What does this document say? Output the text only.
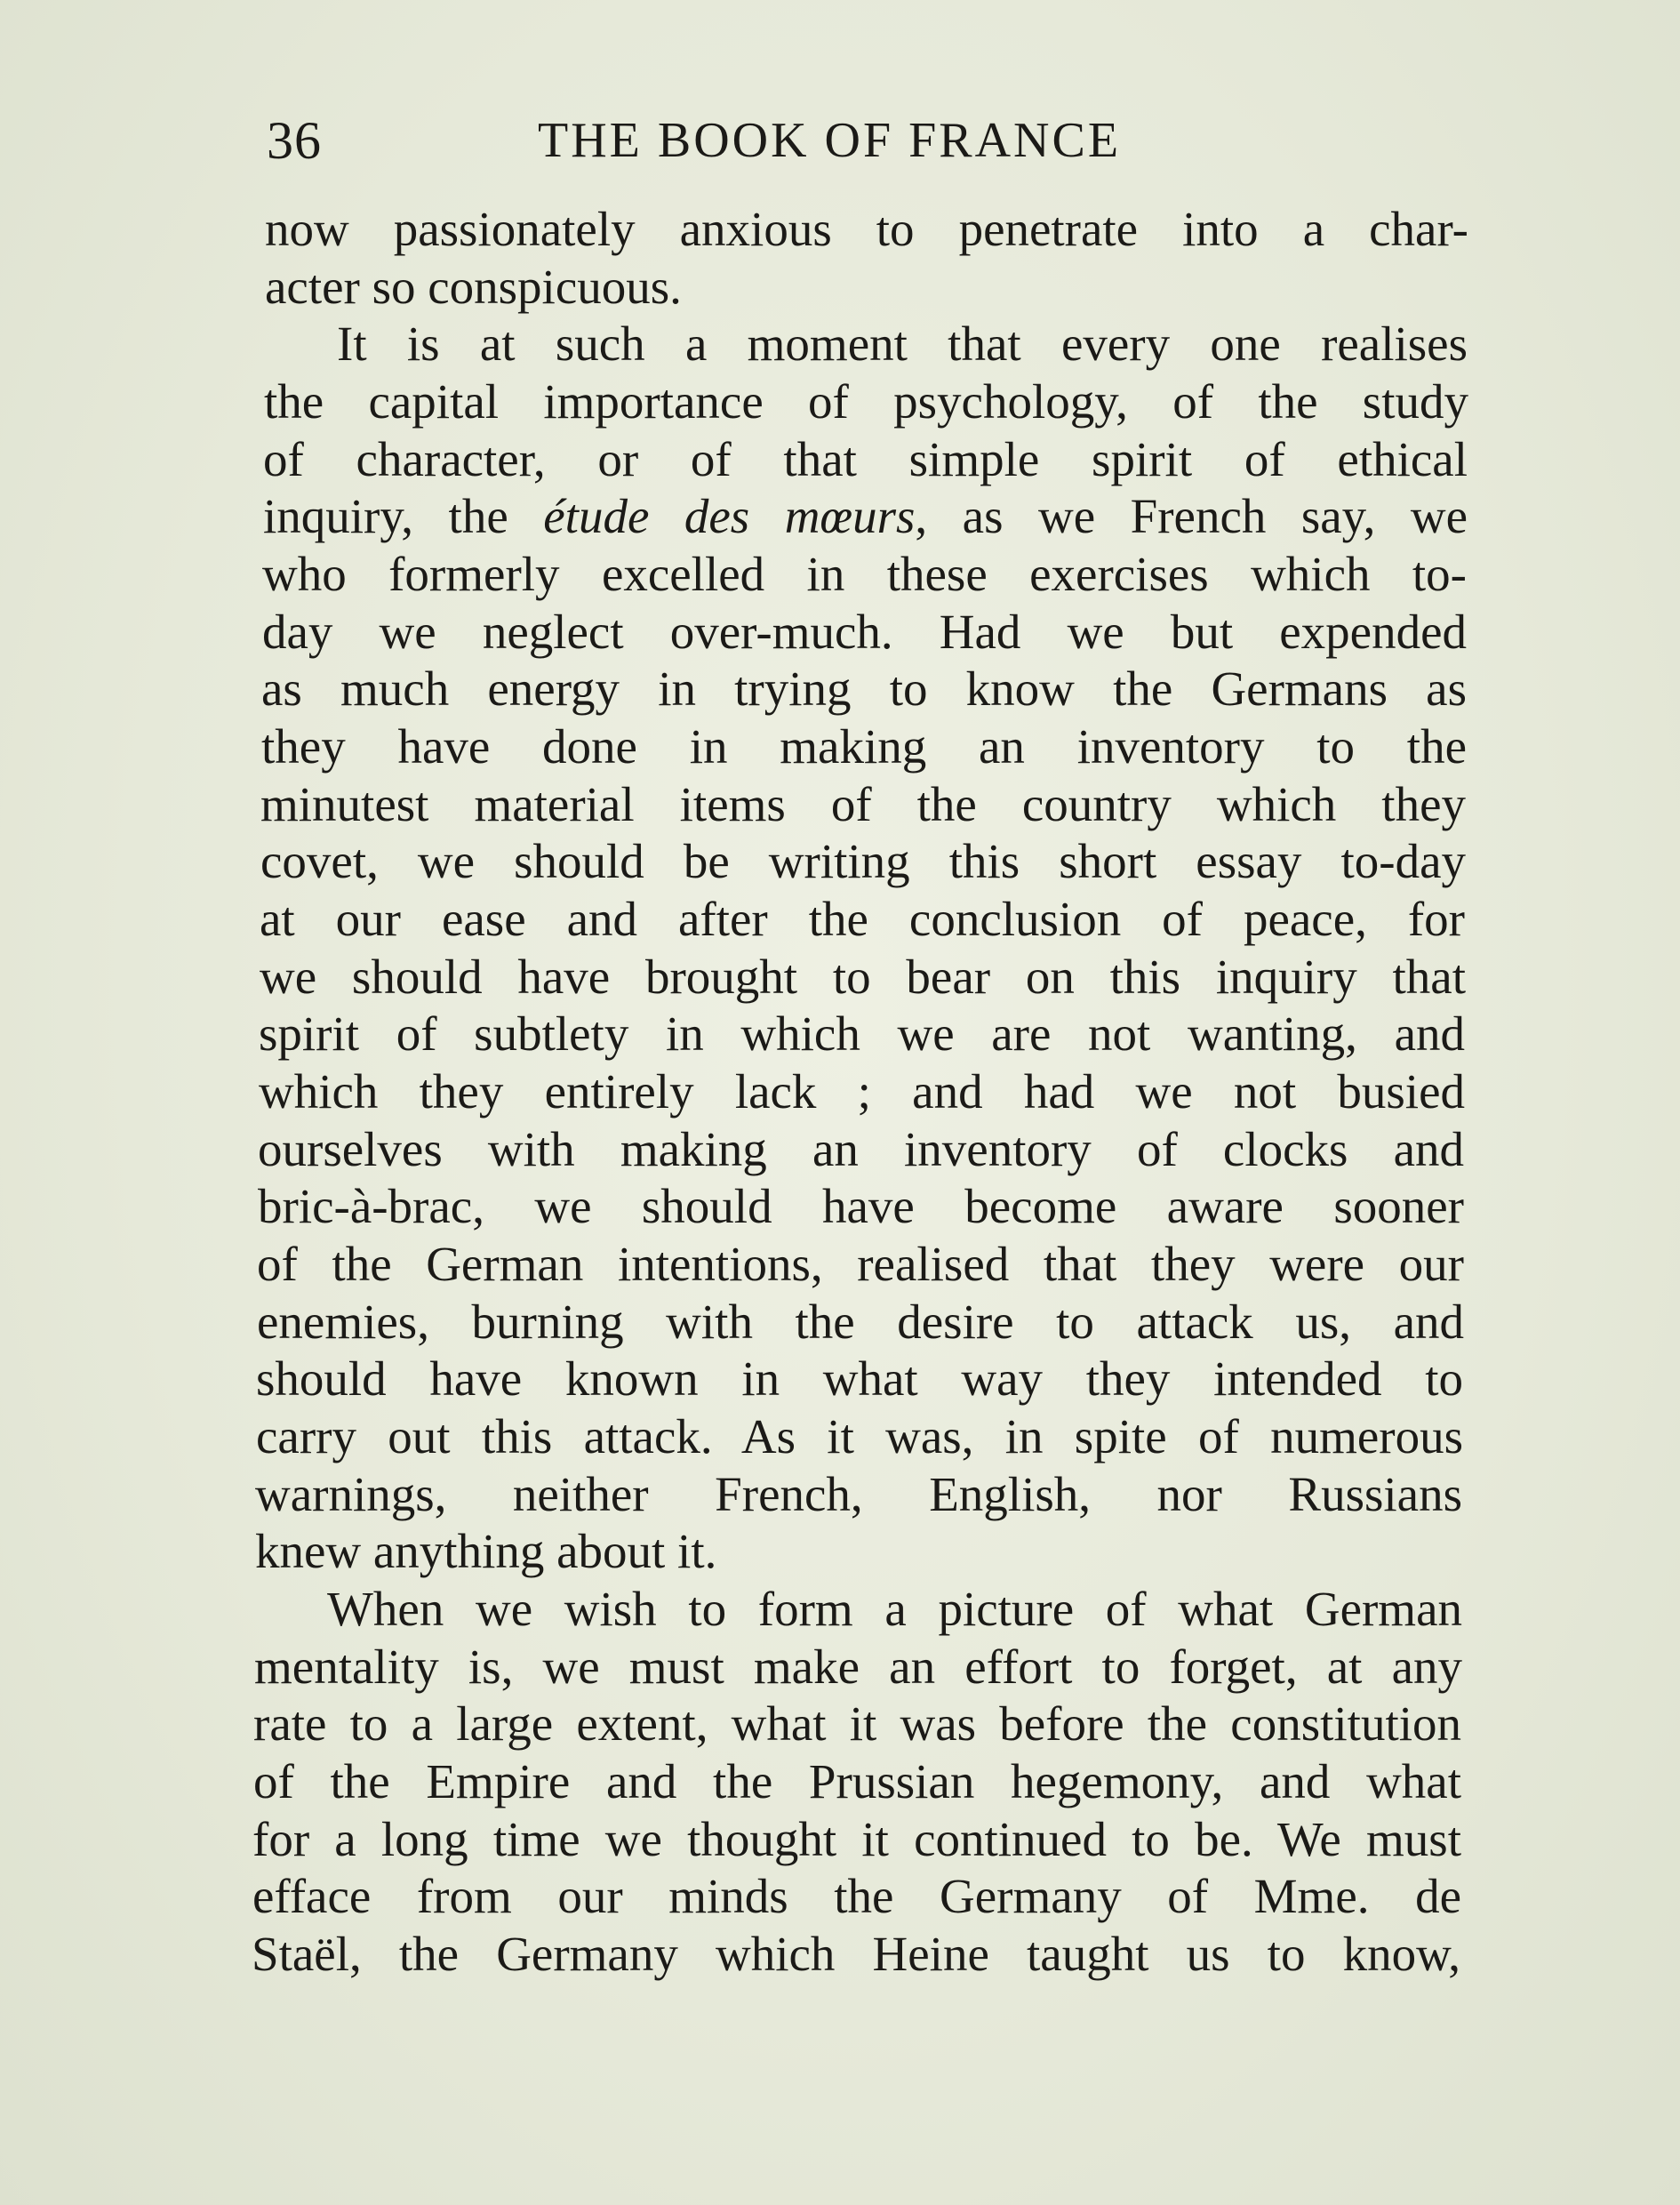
36	THE BOOK OF FRANCE
now passionately anxious to penetrate into a char-
acter so conspicuous.
It is at such a moment that every one realises
the capital importance of psychology, of the study
of character, or of that simple spirit of ethical
inquiry, the étude des mœurs, as we French say, we
who formerly excelled in these exercises which to-
day we neglect over-much. Had we but expended
as much energy in trying to know the Germans as
they have done in making an inventory to the
minutest material items of the country which they
covet, we should be writing this short essay to-day
at our ease and after the conclusion of peace, for
we should have brought to bear on this inquiry that
spirit of subtlety in which we are not wanting, and
which they entirely lack ; and had we not busied
ourselves with making an inventory of clocks and
bric-à-brac, we should have become aware sooner
of the German intentions, realised that they were our
enemies, burning with the desire to attack us, and
should have known in what way they intended to
carry out this attack. As it was, in spite of numerous
warnings, neither French, English, nor Russians
knew anything about it.
When we wish to form a picture of what German
mentality is, we must make an effort to forget, at any
rate to a large extent, what it was before the constitution
of the Empire and the Prussian hegemony, and what
for a long time we thought it continued to be. We must
efface from our minds the Germany of Mme. de
Staël, the Germany which Heine taught us to know,
